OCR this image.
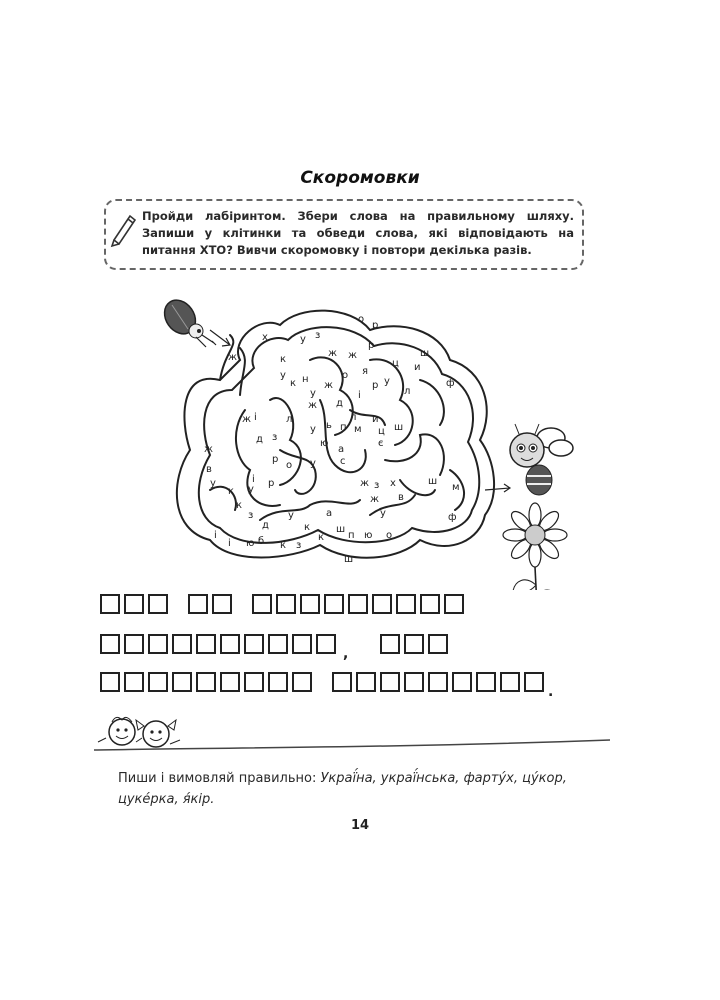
Скоромовки
Пройди лабіринтом. Збери слова на правильному шляху. Запиши у клітинки та обведи слова, які відповідають на питання ХТО? Вивчи скоромовку і повтори декілька разів.
ж
х
к
у з
о
р
ж ж
р
ш
и
ц
ф
у
к н
у
ж
ж
о
д
і
р у
л
я
ж і	л
д з
у
ю
ь п
л
м
и
ц ш
є
ж	а
с
р	у
о
в
у
к у
і р	х
з
ж
в
ш
м
ф
ж
у
к
з
д
у
к
ю б
і	к з
к
а
ш
п ю о
ш
і
,
.
Пиши і вимовляй правильно: Украї́на, украї́нська, фарту́х, цу́кор, цуке́рка, я́кір.
14
